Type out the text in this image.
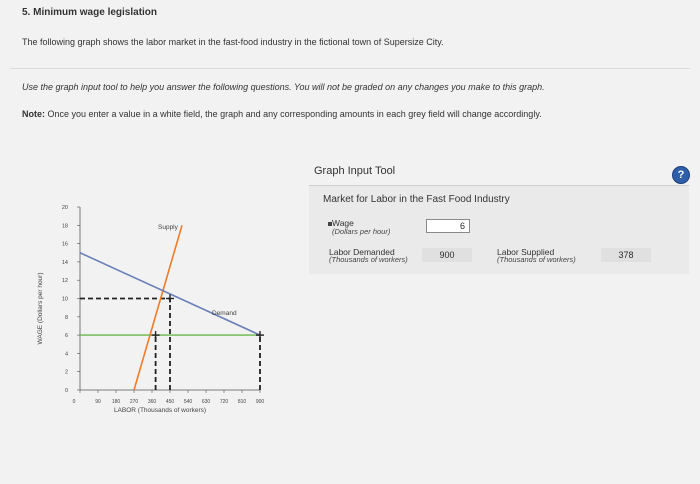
5. Minimum wage legislation
The following graph shows the labor market in the fast-food industry in the fictional town of Supersize City.
Use the graph input tool to help you answer the following questions. You will not be graded on any changes you make to this graph.
Note: Once you enter a value in a white field, the graph and any corresponding amounts in each grey field will change accordingly.
0
2
4
6
8
10
12
14
16
18
20
0	90 180 270 360 450 540 630 720 810 900
LABOR (Thousands of workers)
WAGE (Dollars per hour)
Supply
Demand
Graph Input Tool	?
Market for Labor in the Fast Food Industry
Wage
(Dollars per hour)
6
Labor Demanded
(Thousands of workers)	900	Labor Supplied
(Thousands of workers)	378
